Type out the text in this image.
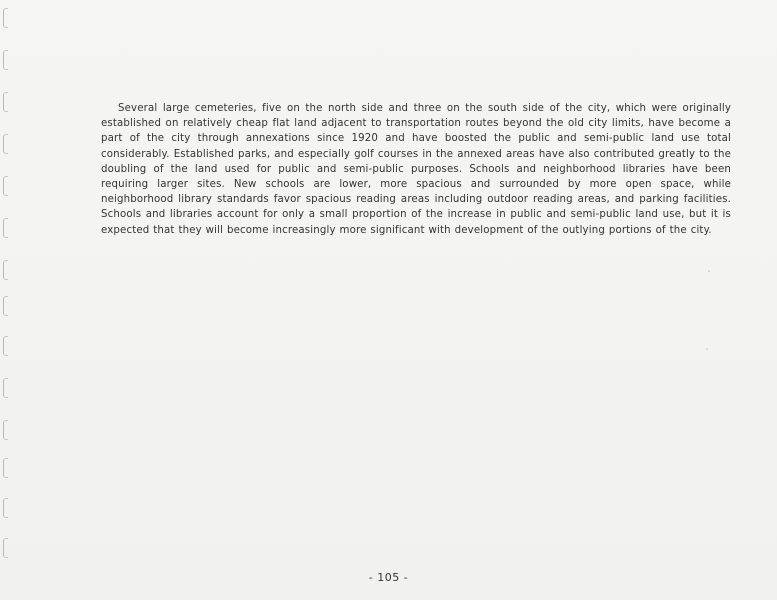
Several large cemeteries, five on the north side and three on the south side of the city, which were originally established on relatively cheap flat land adjacent to transportation routes beyond the old city limits, have become a part of the city through annexations since 1920 and have boosted the public and semi-public land use total considerably. Established parks, and especially golf courses in the annexed areas have also contributed greatly to the doubling of the land used for public and semi-public purposes. Schools and neighborhood libraries have been requiring larger sites. New schools are lower, more spacious and surrounded by more open space, while neighborhood library standards favor spacious reading areas including outdoor reading areas, and parking facilities. Schools and libraries account for only a small proportion of the increase in public and semi-public land use, but it is expected that they will become increasingly more significant with development of the outlying portions of the city.

- 105 -
